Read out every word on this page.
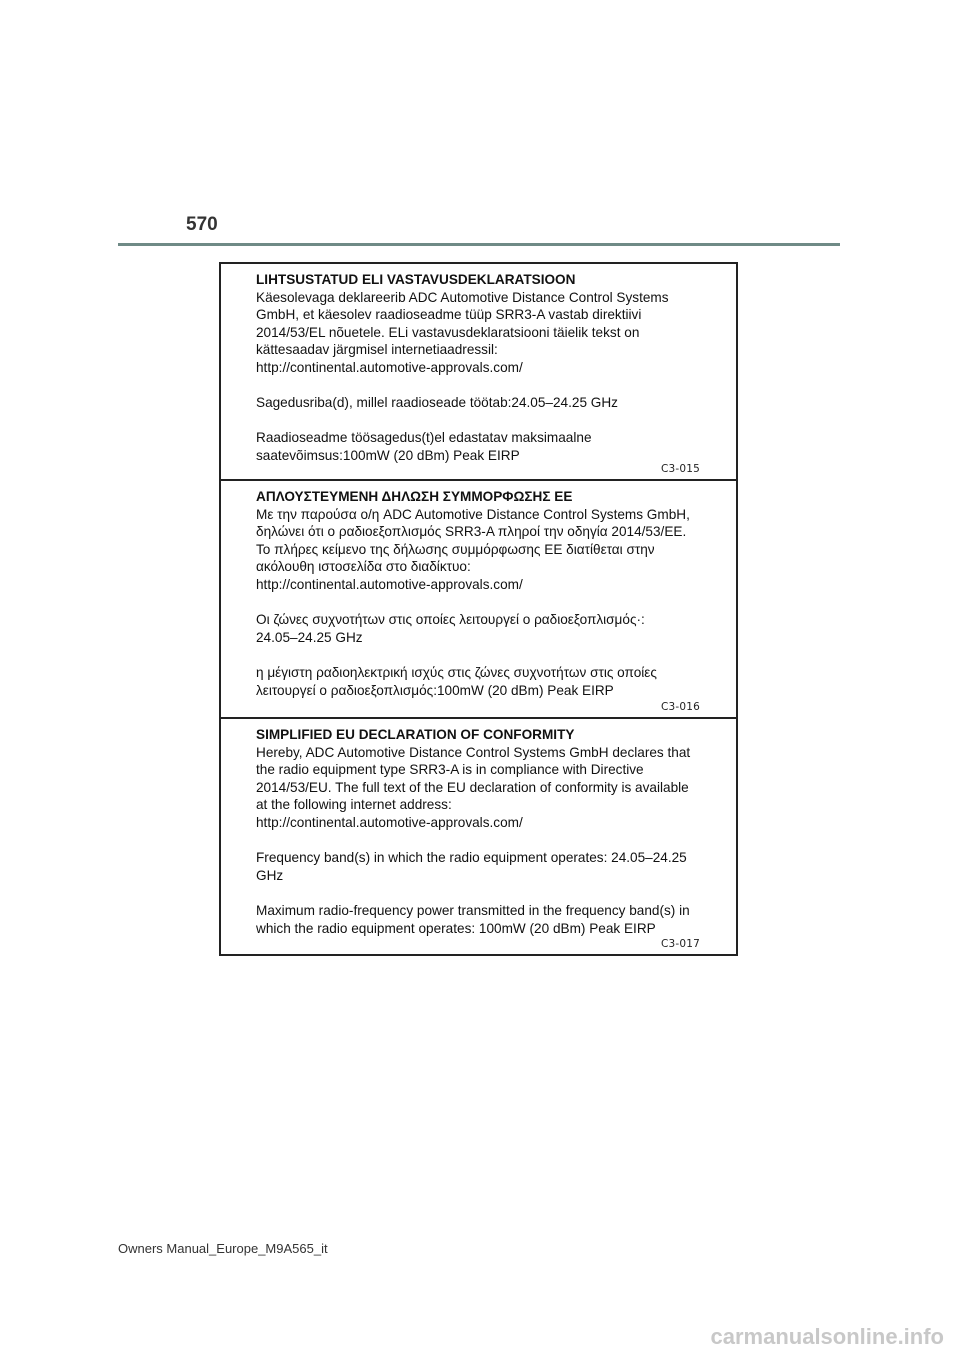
570
LIHTSUSTATUD ELI VASTAVUSDEKLARATSIOON
Käesolevaga deklareerib ADC Automotive Distance Control Systems
GmbH, et käesolev raadioseadme tüüp SRR3-A vastab direktiivi
2014/53/EL nõuetele. ELi vastavusdeklaratsiooni täielik tekst on
kättesaadav järgmisel internetiaadressil:
http://continental.automotive-approvals.com/
Sagedusriba(d), millel raadioseade töötab:24.05–24.25 GHz
Raadioseadme töösagedus(t)el edastatav maksimaalne
saatevõimsus:100mW (20 dBm) Peak EIRP
C3-015
ΑΠΛΟΥΣΤΕΥΜΕΝΗ ΔΗΛΩΣΗ ΣΥΜΜΟΡΦΩΣΗΣ ΕΕ
Με την παρούσα ο/η ADC Automotive Distance Control Systems GmbH,
δηλώνει ότι ο ραδιοεξοπλισμός SRR3-A πληροί την οδηγία 2014/53/ΕΕ.
Το πλήρες κείμενο της δήλωσης συμμόρφωσης ΕΕ διατίθεται στην
ακόλουθη ιστοσελίδα στο διαδίκτυο:
http://continental.automotive-approvals.com/
Οι ζώνες συχνοτήτων στις οποίες λειτουργεί ο ραδιοεξοπλισμός·:
24.05–24.25 GHz
η μέγιστη ραδιοηλεκτρική ισχύς στις ζώνες συχνοτήτων στις οποίες
λειτουργεί ο ραδιοεξοπλισμός:100mW (20 dBm) Peak EIRP
C3-016
SIMPLIFIED EU DECLARATION OF CONFORMITY
Hereby, ADC Automotive Distance Control Systems GmbH declares that
the radio equipment type SRR3-A is in compliance with Directive
2014/53/EU. The full text of the EU declaration of conformity is available
at the following internet address:
http://continental.automotive-approvals.com/
Frequency band(s) in which the radio equipment operates: 24.05–24.25
GHz
Maximum radio-frequency power transmitted in the frequency band(s) in
which the radio equipment operates: 100mW (20 dBm) Peak EIRP
C3-017
Owners Manual_Europe_M9A565_it
carmanualsonline.info
